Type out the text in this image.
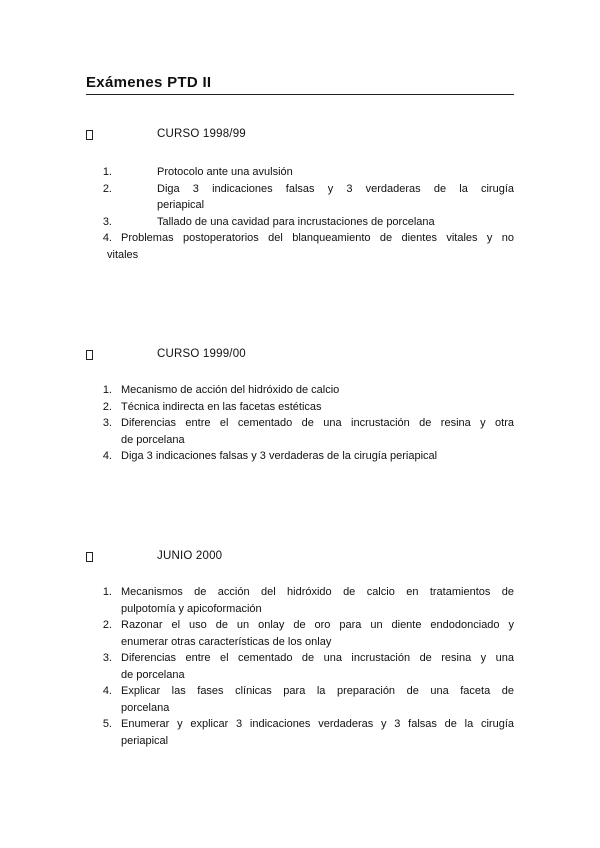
Exámenes PTD II
CURSO 1998/99
1.	Protocolo ante una avulsión
2.	Diga 3 indicaciones falsas y 3 verdaderas de la cirugía
periapical
3.	Tallado de una cavidad para incrustaciones de porcelana
4. Problemas postoperatorios del blanqueamiento de dientes vitales y no
vitales
CURSO 1999/00
1. Mecanismo de acción del hidróxido de calcio
2. Técnica indirecta en las facetas estéticas
3. Diferencias entre el cementado de una incrustación de resina y otra
de porcelana
4. Diga 3 indicaciones falsas y 3 verdaderas de la cirugía periapical
JUNIO 2000
1. Mecanismos de acción del hidróxido de calcio en tratamientos de
pulpotomía y apicoformación
2. Razonar el uso de un onlay de oro para un diente endodonciado y
enumerar otras características de los onlay
3. Diferencias entre el cementado de una incrustación de resina y una
de porcelana
4. Explicar las fases clínicas para la preparación de una faceta de
porcelana
5. Enumerar y explicar 3 indicaciones verdaderas y 3 falsas de la cirugía
periapical
